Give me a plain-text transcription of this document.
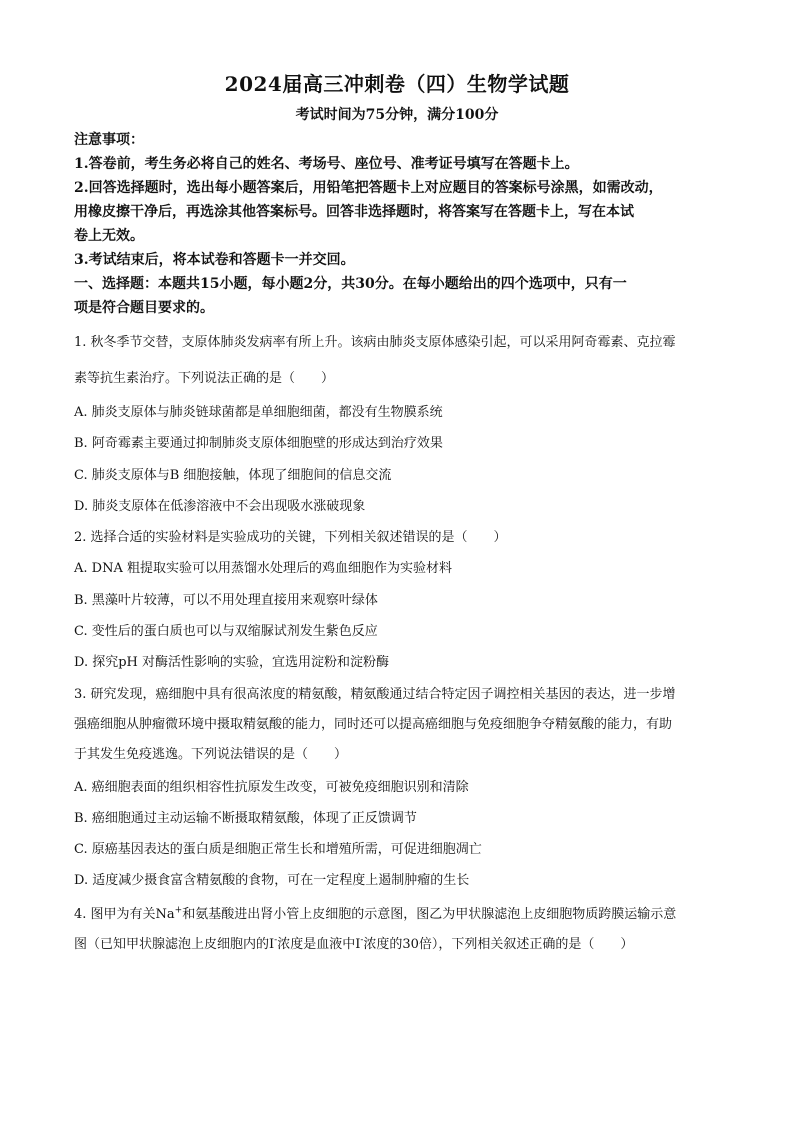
2024届高三冲刺卷（四）生物学试题
考试时间为75分钟，满分100分

注意事项：

1.答卷前，考生务必将自己的姓名、考场号、座位号、准考证号填写在答题卡上。

2.回答选择题时，选出每小题答案后，用铅笔把答题卡上对应题目的答案标号涂黑，如需改动，

用橡皮擦干净后，再选涂其他答案标号。回答非选择题时，将答案写在答题卡上，写在本试

卷上无效。

3.考试结束后，将本试卷和答题卡一并交回。

一、选择题：本题共15小题，每小题2分，共30分。在每小题给出的四个选项中，只有一

项是符合题目要求的。

1. 秋冬季节交替，支原体肺炎发病率有所上升。该病由肺炎支原体感染引起，可以采用阿奇霉素、克拉霉

素等抗生素治疗。下列说法正确的是（　　）

A. 肺炎支原体与肺炎链球菌都是单细胞细菌，都没有生物膜系统
B. 阿奇霉素主要通过抑制肺炎支原体细胞壁的形成达到治疗效果
C. 肺炎支原体与B 细胞接触，体现了细胞间的信息交流
D. 肺炎支原体在低渗溶液中不会出现吸水涨破现象
2. 选择合适的实验材料是实验成功的关键，下列相关叙述错误的是（　　）
A. DNA 粗提取实验可以用蒸馏水处理后的鸡血细胞作为实验材料
B. 黑藻叶片较薄，可以不用处理直接用来观察叶绿体
C. 变性后的蛋白质也可以与双缩脲试剂发生紫色反应
D. 探究pH 对酶活性影响的实验，宜选用淀粉和淀粉酶

3. 研究发现，癌细胞中具有很高浓度的精氨酸，精氨酸通过结合特定因子调控相关基因的表达，进一步增

强癌细胞从肿瘤微环境中摄取精氨酸的能力，同时还可以提高癌细胞与免疫细胞争夺精氨酸的能力，有助

于其发生免疫逃逸。下列说法错误的是（　　）

A. 癌细胞表面的组织相容性抗原发生改变，可被免疫细胞识别和清除
B. 癌细胞通过主动运输不断摄取精氨酸，体现了正反馈调节
C. 原癌基因表达的蛋白质是细胞正常生长和增殖所需，可促进细胞凋亡
D. 适度减少摄食富含精氨酸的食物，可在一定程度上遏制肿瘤的生长

4. 图甲为有关Na+和氨基酸进出肾小管上皮细胞的示意图，图乙为甲状腺滤泡上皮细胞物质跨膜运输示意

图（已知甲状腺滤泡上皮细胞内的I-浓度是血液中I-浓度的30倍），下列相关叙述正确的是（　　）
